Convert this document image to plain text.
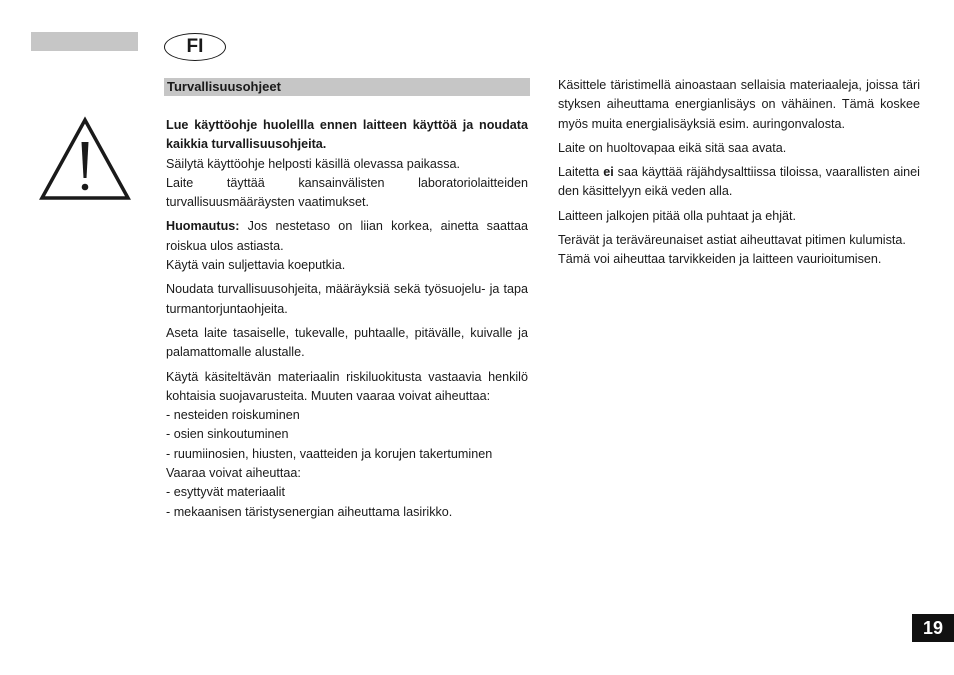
FI
Turvallisuusohjeet

Lue käyttöohje huolellla ennen laitteen käyttöä ja noudata kaikkia turvallisuusohjeita.

Säilytä käyttöohje helposti käsillä olevassa paikassa.

Laite täyttää kansainvälisten laboratoriolaitteiden turvallisuusmääräysten vaatimukset.

Huomautus: Jos nestetaso on liian korkea, ainetta saattaa roiskua ulos astiasta.

Käytä vain suljettavia koeputkia.

Noudata turvallisuusohjeita, määräyksiä sekä työsuojelu- ja tapa turmantorjuntaohjeita.

Aseta laite tasaiselle, tukevalle, puhtaalle, pitävälle, kuivalle ja palamattomalle alustalle.

Käytä käsiteltävän materiaalin riskiluokitusta vastaavia henkilö kohtaisia suojavarusteita. Muuten vaaraa voivat aiheuttaa:

- nesteiden roiskuminen

- osien sinkoutuminen

- ruumiinosien, hiusten, vaatteiden ja korujen takertuminen

Vaaraa voivat aiheuttaa:

- esyttyvät materiaalit

- mekaanisen täristysenergian aiheuttama lasirikko.

Käsittele täristimellä ainoastaan sellaisia materiaaleja, joissa täri styksen aiheuttama energianlisäys on vähäinen. Tämä koskee myös muita energialisäyksiä esim. auringonvalosta.

Laite on huoltovapaa eikä sitä saa avata.

Laitetta ei saa käyttää räjähdysalttiissa tiloissa, vaarallisten ainei den käsittelyyn eikä veden alla.

Laitteen jalkojen pitää olla puhtaat ja ehjät.

Terävät ja teräväreunaiset astiat aiheuttavat pitimen kulumista.

Tämä voi aiheuttaa tarvikkeiden ja laitteen vaurioitumisen.

19
